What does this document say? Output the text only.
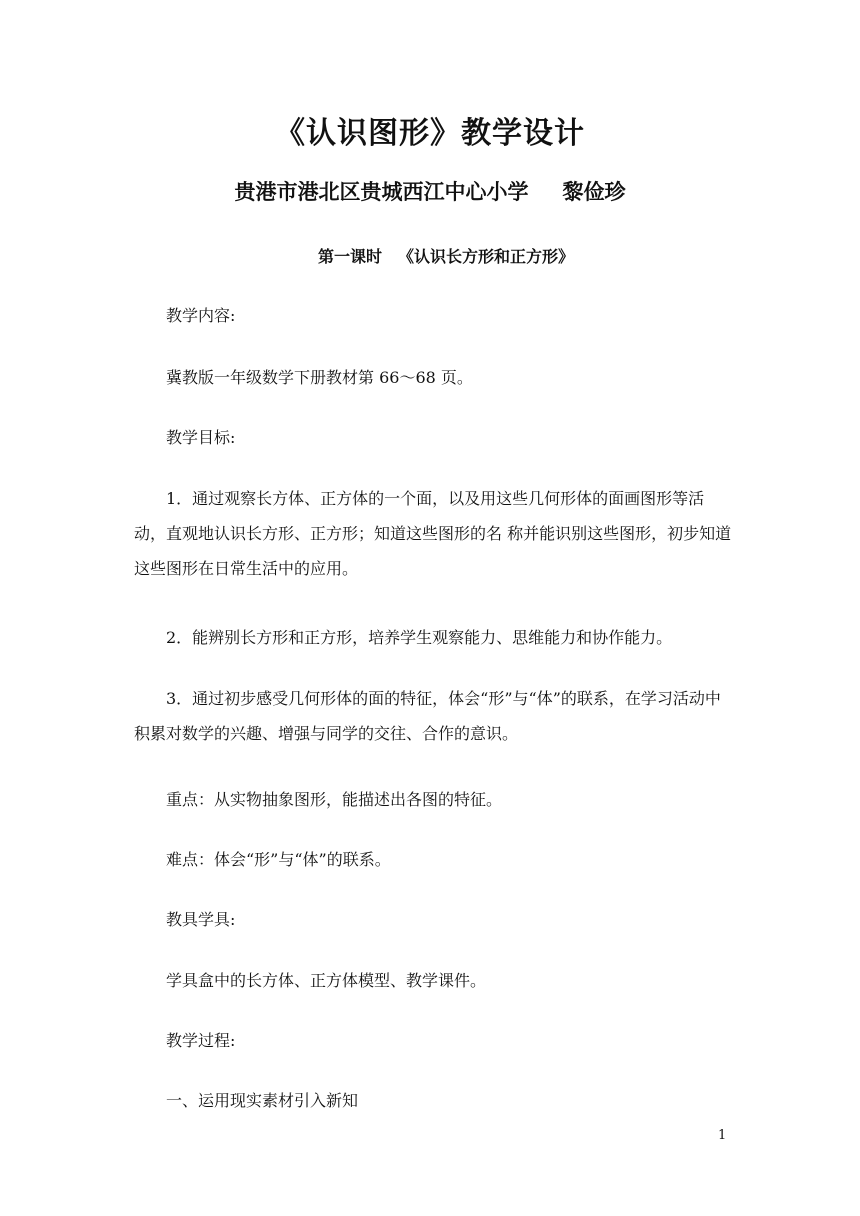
《认识图形》教学设计
贵港市港北区贵城西江中心小学 黎俭珍
第一课时 《认识长方形和正方形》
教学内容:
冀教版一年级数学下册教材第 66～68 页。
教学目标:
1．通过观察长方体、正方体的一个面，以及用这些几何形体的面画图形等活动，直观地认识长方形、正方形；知道这些图形的名 称并能识别这些图形，初步知道这些图形在日常生活中的应用。
2．能辨别长方形和正方形，培养学生观察能力、思维能力和协作能力。
3．通过初步感受几何形体的面的特征，体会“形”与“体”的联系，在学习活动中积累对数学的兴趣、增强与同学的交往、合作的意识。
重点：从实物抽象图形，能描述出各图的特征。
难点：体会“形”与“体”的联系。
教具学具:
学具盒中的长方体、正方体模型、教学课件。
教学过程:
一、运用现实素材引入新知
1
